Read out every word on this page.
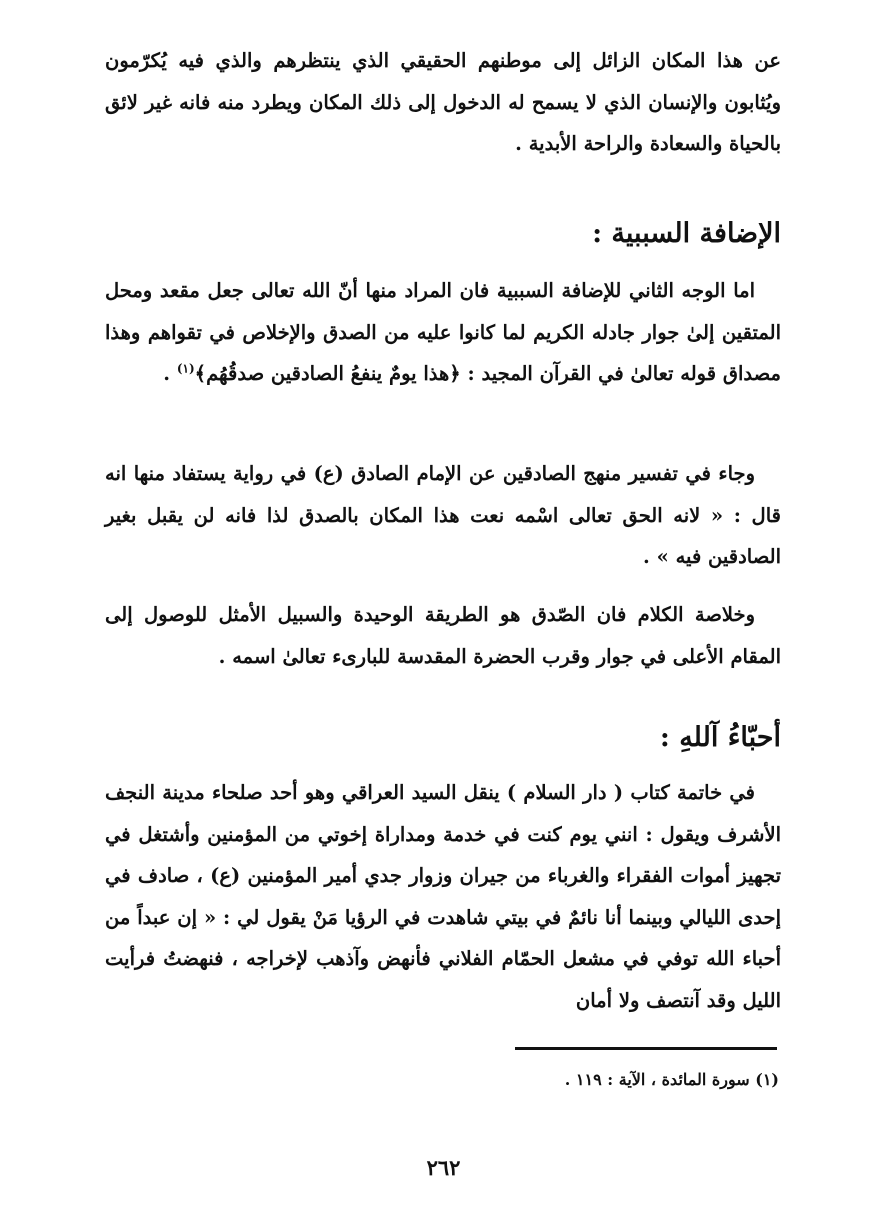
عن هذا المكان الزائل إلى موطنهم الحقيقي الذي ينتظرهم والذي فيه يُكرّمون ويُثابون والإنسان الذي لا يسمح له الدخول إلى ذلك المكان ويطرد منه فانه غير لائق بالحياة والسعادة والراحة الأبدية .

الإضافة السببية :

اما الوجه الثاني للإضافة السببية فان المراد منها أنّ الله تعالى جعل مقعد ومحل المتقين إلىٰ جوار جادله الكريم لما كانوا عليه من الصدق والإخلاص في تقواهم وهذا مصداق قوله تعالىٰ في القرآن المجيد : ﴿هذا يومٌ ينفعُ الصادقين صدقُهُم﴾$^{(١)}$ .

وجاء في تفسير منهج الصادقين عن الإمام الصادق (ع) في رواية يستفاد منها انه قال : « لانه الحق تعالى اسْمه نعت هذا المكان بالصدق لذا فانه لن يقبل بغير الصادقين فيه » .

وخلاصة الكلام فان الصّدق هو الطريقة الوحيدة والسبيل الأمثل للوصول إلى المقام الأعلى في جوار وقرب الحضرة المقدسة للبارىء تعالىٰ اسمه .

أحبّاءُ آللهِ :

في خاتمة كتاب ( دار السلام ) ينقل السيد العراقي وهو أحد صلحاء مدينة النجف الأشرف ويقول : انني يوم كنت في خدمة ومداراة إخوتي من المؤمنين وأشتغل في تجهيز أموات الفقراء والغرباء من جيران وزوار جدي أمير المؤمنين (ع) ، صادف في إحدى الليالي وبينما أنا نائمٌ في بيتي شاهدت في الرؤيا مَنْ يقول لي : « إن عبداً من أحباء الله توفي في مشعل الحمّام الفلاني فأنهض وآذهب لإخراجه ، فنهضتُ فرأيت الليل وقد آنتصف ولا أمان

(١) سورة المائدة ، الآية : ١١٩ .
٢٦٢
